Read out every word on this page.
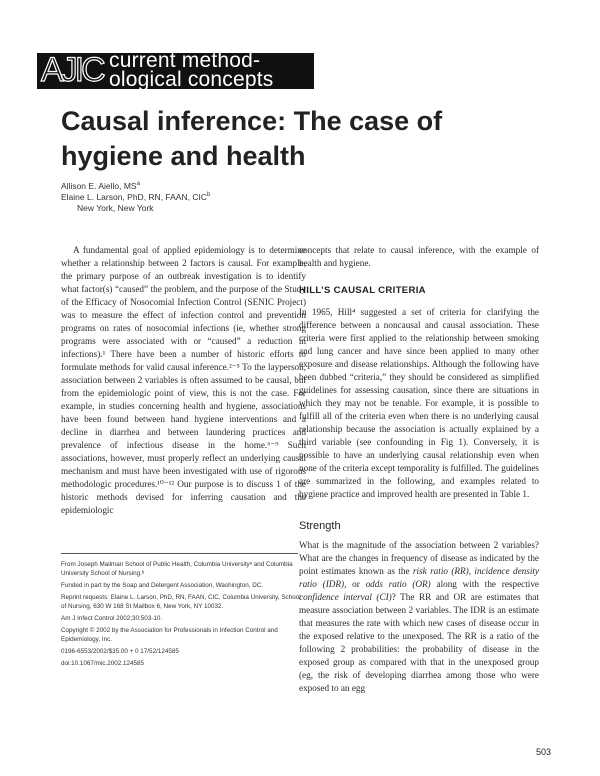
AJIC current method-
ological concepts
Causal inference: The case of
hygiene and health
Allison E. Aiello, $MS^a$
Elaine L. Larson, PhD, RN, FAAN, CIC$^b$
New York, New York

A fundamental goal of applied epidemiology is to determine whether a relationship between 2 factors is causal. For example, the primary purpose of an outbreak investigation is to identify what factor(s) “caused” the problem, and the purpose of the Study of the Efficacy of Nosocomial Infection Control (SENIC Project) was to measure the effect of infection control and prevention programs on rates of nosocomial infections (ie, whether strong programs were associated with or “caused” a reduction in infections).¹ There have been a number of historic efforts to formulate methods for valid causal inference.²⁻⁵ To the layperson, association between 2 variables is often assumed to be causal, but from the epidemiologic point of view, this is not the case. For example, in studies concerning health and hygiene, associations have been found between hand hygiene interventions and a decline in diarrhea and between laundering practices and prevalence of infectious disease in the home.⁶⁻⁹ Such associations, however, must properly reflect an underlying causal mechanism and must have been investigated with use of rigorous methodologic procedures.¹⁰⁻¹² Our purpose is to discuss 1 of the historic methods devised for inferring causation and the epidemiologic

From Joseph Mailman School of Public Health, Columbia Universityᵃ and Columbia University School of Nursing.ᵇ

Funded in part by the Soap and Detergent Association, Washington, DC.

Reprint requests: Elaine L. Larson, PhD, RN, FAAN, CIC, Columbia University, School of Nursing, 630 W 168 St Mailbox 6, New York, NY 10032.

Am J Infect Control 2002;30:503-10.

Copyright © 2002 by the Association for Professionals in Infection Control and Epidemiology, Inc.

0196-6553/2002/$35.00 + 0 17/52/124585

doi:10.1067/mic.2002.124585

concepts that relate to causal inference, with the example of health and hygiene.

HILL’S CAUSAL CRITERIA

In 1965, Hill⁴ suggested a set of criteria for clarifying the difference between a noncausal and causal association. These criteria were first applied to the relationship between smoking and lung cancer and have since been applied to many other exposure and disease relationships. Although the following have been dubbed “criteria,” they should be considered as simplified guidelines for assessing causation, since there are situations in which they may not be tenable. For example, it is possible to fulfill all of the criteria even when there is no underlying causal relationship because the association is actually explained by a third variable (see confounding in Fig 1). Conversely, it is possible to have an underlying causal relationship even when none of the criteria except temporality is fulfilled. The guidelines are summarized in the following, and examples related to hygiene practice and improved health are presented in Table 1.

Strength

What is the magnitude of the association between 2 variables? What are the changes in frequency of disease as indicated by the point estimates known as the risk ratio (RR), incidence density ratio (IDR), or odds ratio (OR) along with the respective confidence interval (CI)? The RR and OR are estimates that measure association between 2 variables. The IDR is an estimate that measures the rate with which new cases of disease occur in the exposed relative to the unexposed. The RR is a ratio of the following 2 probabilities: the probability of disease in the exposed group as compared with that in the unexposed group (eg, the risk of developing diarrhea among those who were exposed to an egg

503
